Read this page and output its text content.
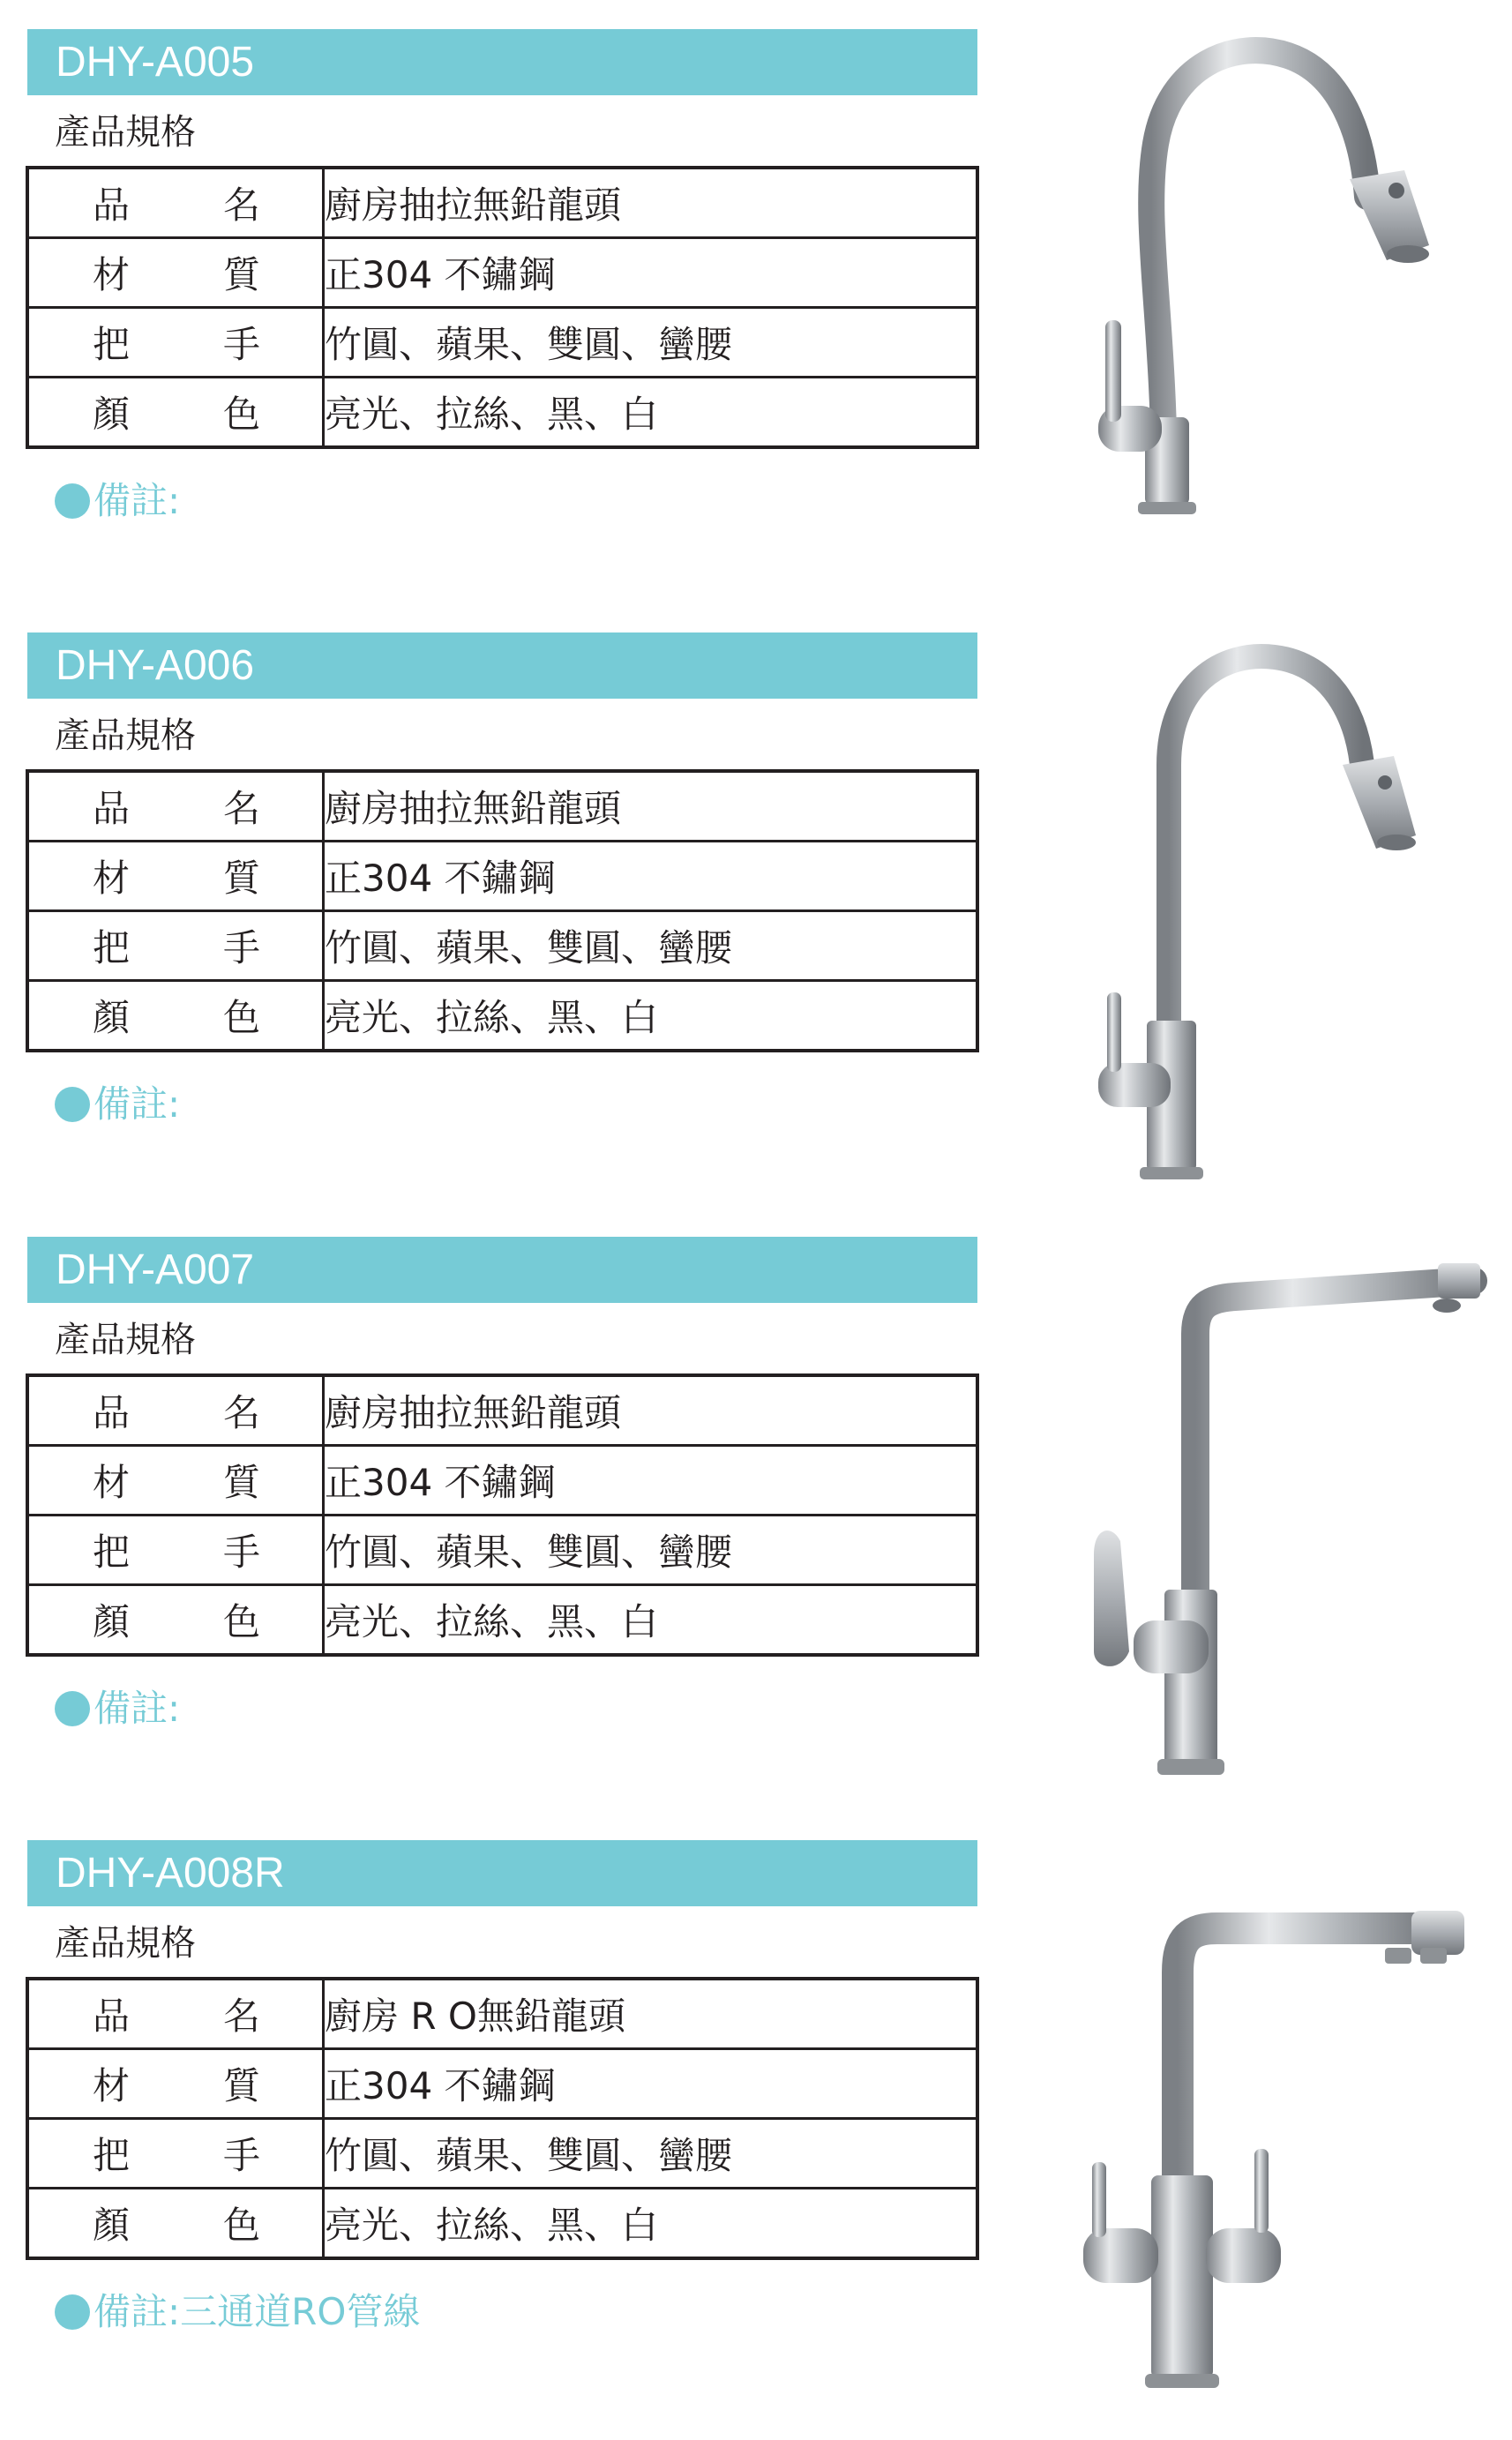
DHY-A005
產品規格
品 名	廚房抽拉無鉛龍頭

材 質	正304 不鏽鋼

把 手	竹圓、蘋果、雙圓、蠻腰

顏 色	亮光、拉絲、黑、白
備註:
DHY-A006
產品規格
品 名	廚房抽拉無鉛龍頭

材 質	正304 不鏽鋼

把 手	竹圓、蘋果、雙圓、蠻腰

顏 色	亮光、拉絲、黑、白
備註:
DHY-A007
產品規格
品 名	廚房抽拉無鉛龍頭

材 質	正304 不鏽鋼

把 手	竹圓、蘋果、雙圓、蠻腰

顏 色	亮光、拉絲、黑、白
備註:
DHY-A008R
產品規格
品 名	廚房 R O無鉛龍頭

材 質	正304 不鏽鋼

把 手	竹圓、蘋果、雙圓、蠻腰

顏 色	亮光、拉絲、黑、白
備註:三通道RO管線
